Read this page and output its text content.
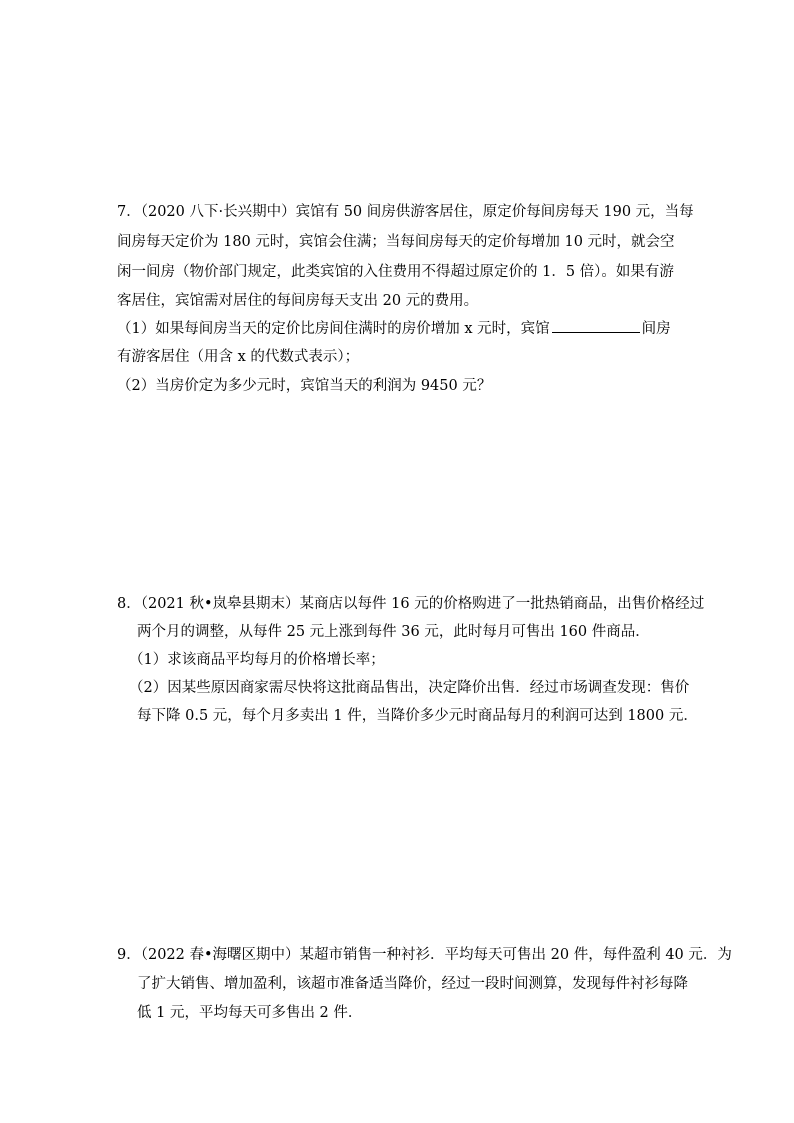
7．（2020 八下·长兴期中）宾馆有 50 间房供游客居住，原定价每间房每天 190 元，当每
间房每天定价为 180 元时，宾馆会住满；当每间房每天的定价每增加 10 元时，就会空
闲一间房（物价部门规定，此类宾馆的入住费用不得超过原定价的 1．5 倍）。如果有游
客居住，宾馆需对居住的每间房每天支出 20 元的费用。
（1）如果每间房当天的定价比房间住满时的房价增加 x 元时，宾馆	间房
有游客居住（用含 x 的代数式表示）；
（2）当房价定为多少元时，宾馆当天的利润为 9450 元？
8．（2021 秋•岚皋县期末）某商店以每件 16 元的价格购进了一批热销商品，出售价格经过
两个月的调整，从每件 25 元上涨到每件 36 元，此时每月可售出 160 件商品．
（1）求该商品平均每月的价格增长率；
（2）因某些原因商家需尽快将这批商品售出，决定降价出售．经过市场调查发现：售价
每下降 0.5 元，每个月多卖出 1 件，当降价多少元时商品每月的利润可达到 1800 元．
9．（2022 春•海曙区期中）某超市销售一种衬衫．平均每天可售出 20 件，每件盈利 40 元．为
了扩大销售、增加盈利，该超市准备适当降价，经过一段时间测算，发现每件衬衫每降
低 1 元，平均每天可多售出 2 件．
